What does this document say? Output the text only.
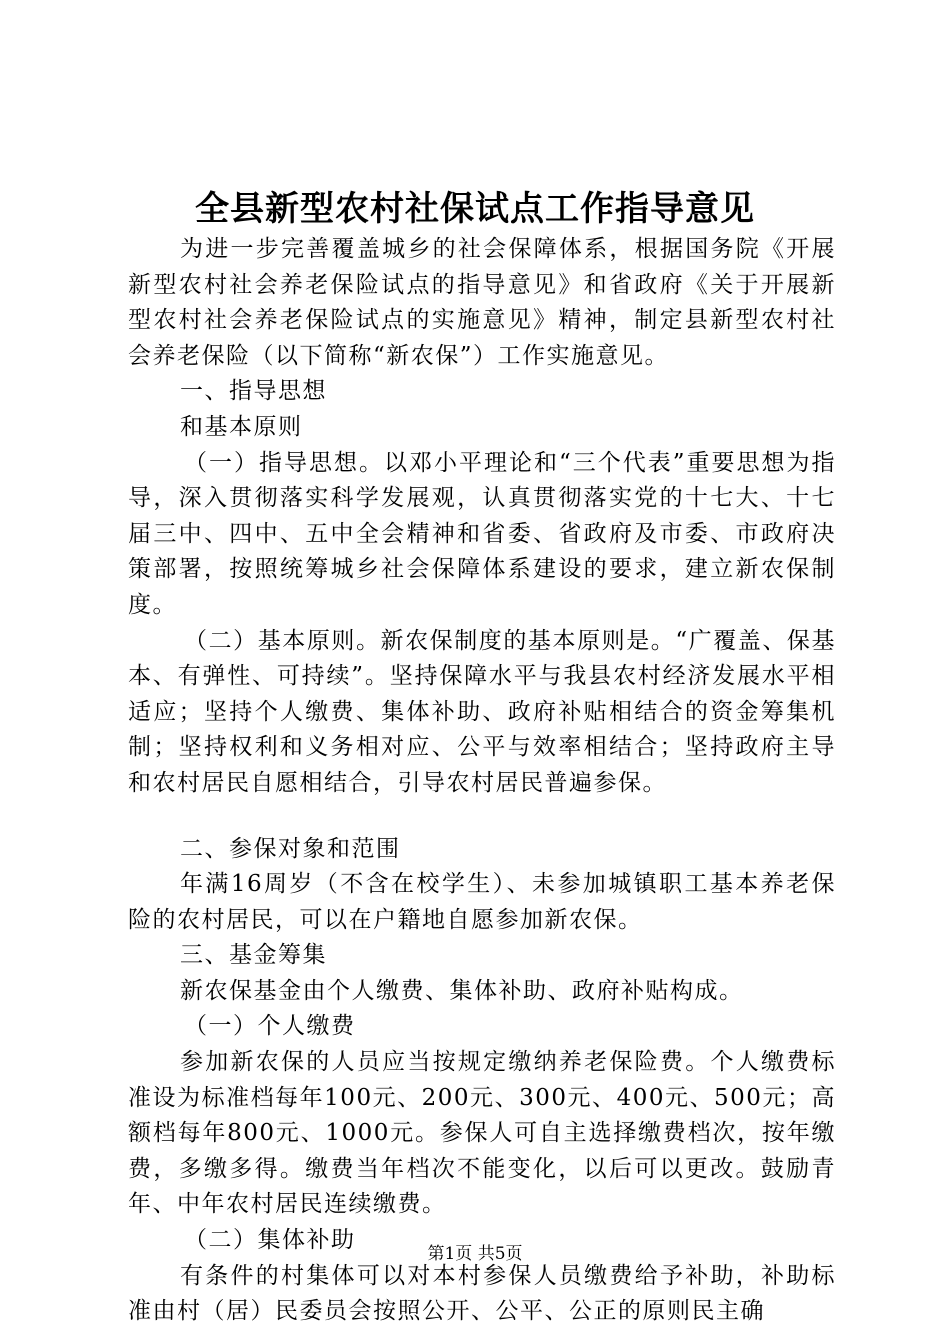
全县新型农村社保试点工作指导意见

为进一步完善覆盖城乡的社会保障体系，根据国务院《开展新型农村社会养老保险试点的指导意见》和省政府《关于开展新型农村社会养老保险试点的实施意见》精神，制定县新型农村社会养老保险（以下简称“新农保”）工作实施意见。

一、指导思想

和基本原则

（一）指导思想。以邓小平理论和“三个代表”重要思想为指导，深入贯彻落实科学发展观，认真贯彻落实党的十七大、十七届三中、四中、五中全会精神和省委、省政府及市委、市政府决策部署，按照统筹城乡社会保障体系建设的要求，建立新农保制度。

（二）基本原则。新农保制度的基本原则是。“广覆盖、保基本、有弹性、可持续”。坚持保障水平与我县农村经济发展水平相适应；坚持个人缴费、集体补助、政府补贴相结合的资金筹集机制；坚持权利和义务相对应、公平与效率相结合；坚持政府主导和农村居民自愿相结合，引导农村居民普遍参保。

二、参保对象和范围

年满16周岁（不含在校学生）、未参加城镇职工基本养老保险的农村居民，可以在户籍地自愿参加新农保。

三、基金筹集

新农保基金由个人缴费、集体补助、政府补贴构成。

（一）个人缴费

参加新农保的人员应当按规定缴纳养老保险费。个人缴费标准设为标准档每年100元、200元、300元、400元、500元；高额档每年800元、1000元。参保人可自主选择缴费档次，按年缴费，多缴多得。缴费当年档次不能变化，以后可以更改。鼓励青年、中年农村居民连续缴费。

（二）集体补助

有条件的村集体可以对本村参保人员缴费给予补助，补助标准由村（居）民委员会按照公开、公平、公正的原则民主确

第1页 共5页
